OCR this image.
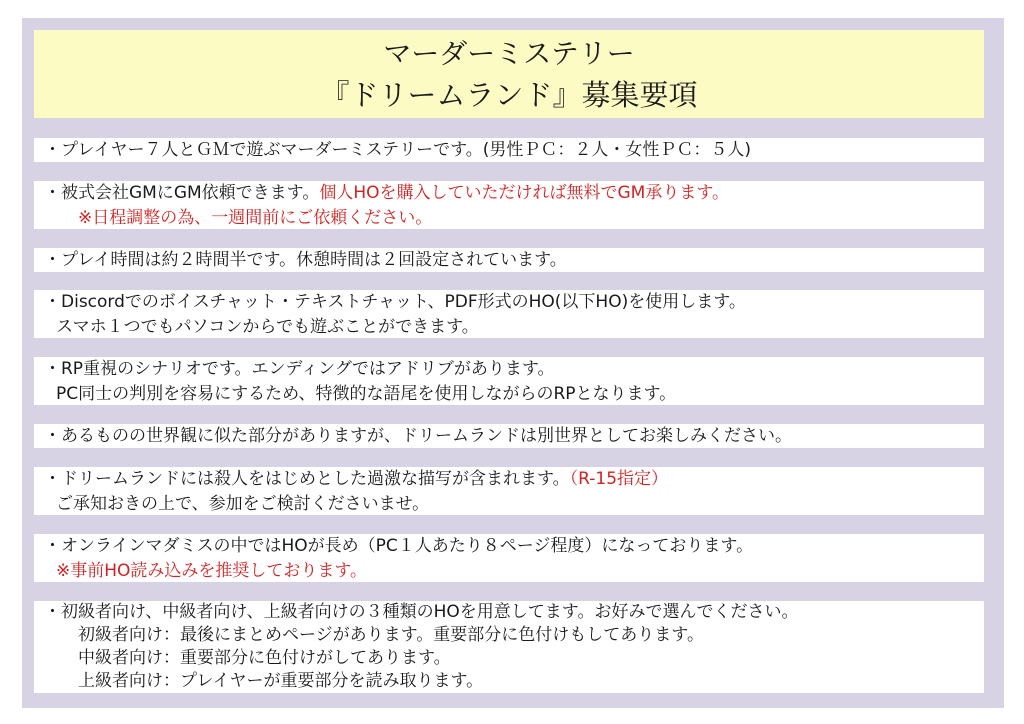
マーダーミステリー
『ドリームランド』募集要項
・プレイヤー７人とＧＭで遊ぶマーダーミステリーです。(男性ＰＣ：２人・女性ＰＣ：５人)
・被式会社GMにGM依頼できます。個人HOを購入していただければ無料でGM承ります。
※日程調整の為、一週間前にご依頼ください。
・プレイ時間は約２時間半です。休憩時間は２回設定されています。
・Discordでのボイスチャット・テキストチャット、PDF形式のHO(以下HO)を使用します。
スマホ１つでもパソコンからでも遊ぶことができます。
・RP重視のシナリオです。エンディングではアドリブがあります。
PC同士の判別を容易にするため、特徴的な語尾を使用しながらのRPとなります。
・あるものの世界観に似た部分がありますが、ドリームランドは別世界としてお楽しみください。
・ドリームランドには殺人をはじめとした過激な描写が含まれます。（R-15指定）
ご承知おきの上で、参加をご検討くださいませ。
・オンラインマダミスの中ではHOが長め（PC１人あたり８ページ程度）になっております。
※事前HO読み込みを推奨しております。
・初級者向け、中級者向け、上級者向けの３種類のHOを用意してます。お好みで選んでください。
初級者向け：最後にまとめページがあります。重要部分に色付けもしてあります。
中級者向け：重要部分に色付けがしてあります。
上級者向け：プレイヤーが重要部分を読み取ります。
